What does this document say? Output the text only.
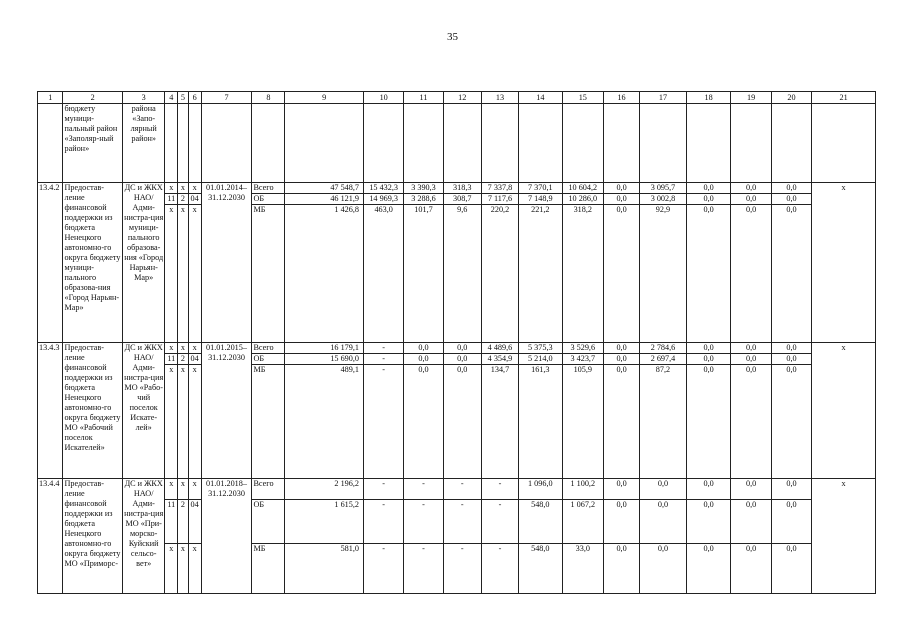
35
1	2	3	4	5	6	7	8	9	10	11	12	13	14	15	16	17	18	19	20	21
	бюджету муници-пальный район «Заполяр-ный район»	района «Запо-лярный район»																		
13.4.2	Предостав-ление финансовой поддержки из бюджета Ненецкого автономно-го округа бюджету муници-пального образова-ния «Город Нарьян-Мар»	ДС и ЖКХ НАО/ Адми-нистра-ция муници-пального образова-ния «Город Нарьян-Мар»	x	x	x	01.01.2014–31.12.2030	Всего	47 548,7	15 432,3	3 390,3	318,3	7 337,8	7 370,1	10 604,2	0,0	3 095,7	0,0	0,0	0,0	x
			11	2	04		ОБ	46 121,9	14 969,3	3 288,6	308,7	7 117,6	7 148,9	10 286,0	0,0	3 002,8	0,0	0,0	0,0	
			x	x	x		МБ	1 426,8	463,0	101,7	9,6	220,2	221,2	318,2	0,0	92,9	0,0	0,0	0,0	
13.4.3	Предостав-ление финансовой поддержки из бюджета Ненецкого автономно-го округа бюджету МО «Рабочий поселок Искателей»	ДС и ЖКХ НАО/ Адми-нистра-ция МО «Рабо-чий поселок Искате-лей»	x	x	x	01.01.2015–31.12.2030	Всего	16 179,1	-	0,0	0,0	4 489,6	5 375,3	3 529,6	0,0	2 784,6	0,0	0,0	0,0	x
			11	2	04		ОБ	15 690,0	-	0,0	0,0	4 354,9	5 214,0	3 423,7	0,0	2 697,4	0,0	0,0	0,0	
			x	x	x		МБ	489,1	-	0,0	0,0	134,7	161,3	105,9	0,0	87,2	0,0	0,0	0,0	
13.4.4	Предостав-ление финансовой поддержки из бюджета Ненецкого автономно-го округа бюджету МО «Приморс-	ДС и ЖКХ НАО/ Адми-нистра-ция МО «При-морско-Куйский сельсо-вет»	x	x	x	01.01.2018–31.12.2030	Всего	2 196,2	-	-	-	-	1 096,0	1 100,2	0,0	0,0	0,0	0,0	0,0	x
			11	2	04		ОБ	1 615,2	-	-	-	-	548,0	1 067,2	0,0	0,0	0,0	0,0	0,0	
			x	x	x		МБ	581,0	-	-	-	-	548,0	33,0	0,0	0,0	0,0	0,0	0,0	
